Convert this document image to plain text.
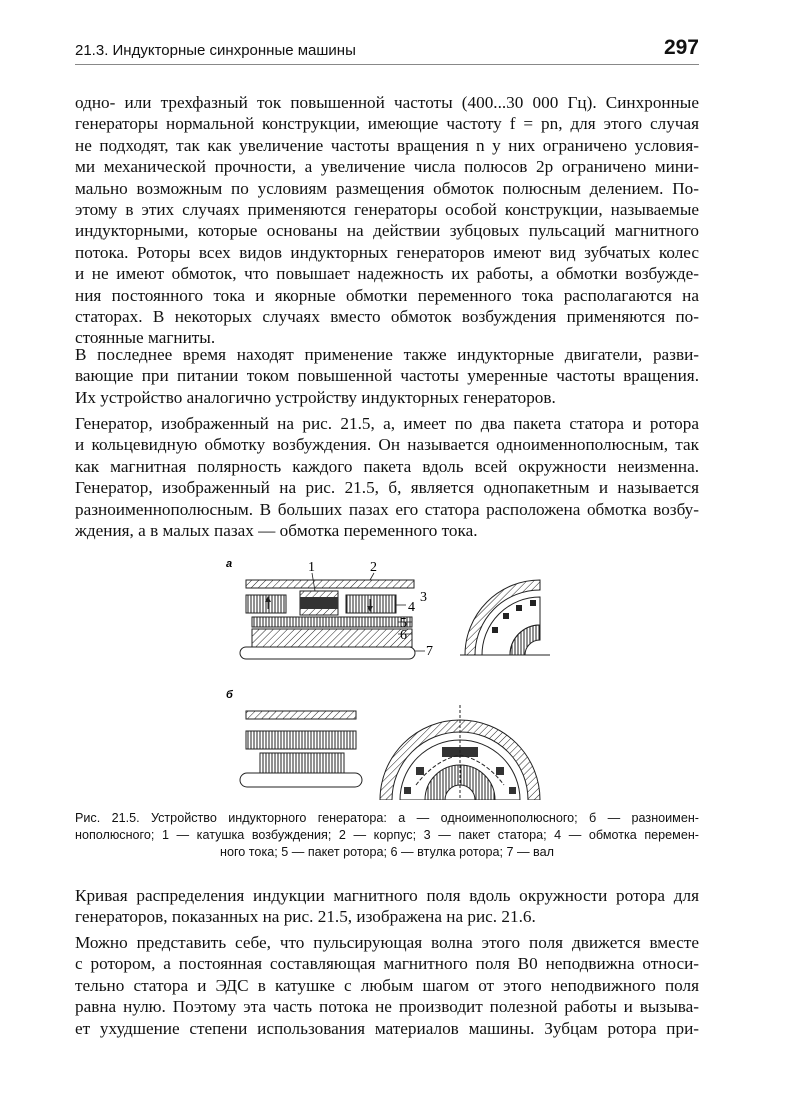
21.3. Индукторные синхронные машины	297
одно- или трехфазный ток повышенной частоты (400...30 000 Гц). Синхронные
генераторы нормальной конструкции, имеющие частоту f = pn, для этого случая
не подходят, так как увеличение частоты вращения n у них ограничено условия-
ми механической прочности, а увеличение числа полюсов 2p ограничено мини-
мально возможным по условиям размещения обмоток полюсным делением. По-
этому в этих случаях применяются генераторы особой конструкции, называемые
индукторными, которые основаны на действии зубцовых пульсаций магнитного
потока. Роторы всех видов индукторных генераторов имеют вид зубчатых колес
и не имеют обмоток, что повышает надежность их работы, а обмотки возбужде-
ния постоянного тока и якорные обмотки переменного тока располагаются на
статорах. В некоторых случаях вместо обмоток возбуждения применяются по-
стоянные магниты.
В последнее время находят применение также индукторные двигатели, разви-
вающие при питании током повышенной частоты умеренные частоты вращения.
Их устройство аналогично устройству индукторных генераторов.
Генератор, изображенный на рис. 21.5, а, имеет по два пакета статора и ротора
и кольцевидную обмотку возбуждения. Он называется одноименнополюсным, так
как магнитная полярность каждого пакета вдоль всей окружности неизменна.
Генератор, изображенный на рис. 21.5, б, является однопакетным и называется
разноименнополюсным. В больших пазах его статора расположена обмотка возбу-
ждения, а в малых пазах — обмотка переменного тока.
а	1	2
3
4
5
6
7
б
Рис. 21.5. Устройство индукторного генератора: а — одноименнополюсного; б — разноимен-
нополюсного; 1 — катушка возбуждения; 2 — корпус; 3 — пакет статора; 4 — обмотка перемен-
ного тока; 5 — пакет ротора; 6 — втулка ротора; 7 — вал
Кривая распределения индукции магнитного поля вдоль окружности ротора для
генераторов, показанных на рис. 21.5, изображена на рис. 21.6.
Можно представить себе, что пульсирующая волна этого поля движется вместе
с ротором, а постоянная составляющая магнитного поля B0 неподвижна относи-
тельно статора и ЭДС в катушке с любым шагом от этого неподвижного поля
равна нулю. Поэтому эта часть потока не производит полезной работы и вызыва-
ет ухудшение степени использования материалов машины. Зубцам ротора при-
